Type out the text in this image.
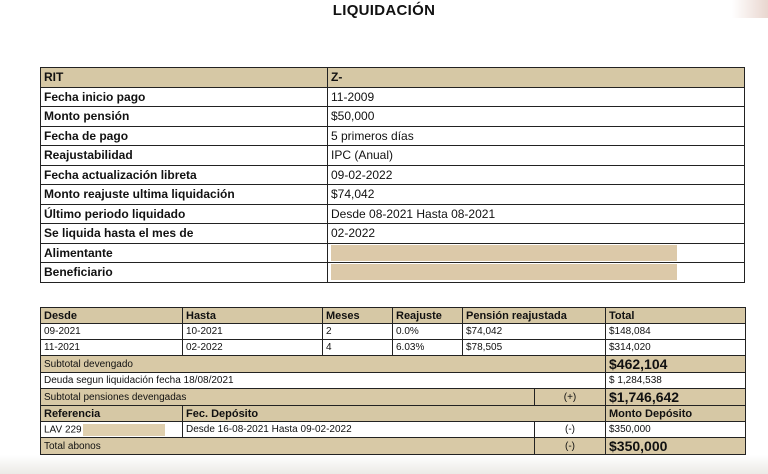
LIQUIDACIÓN
RIT	Z-
Fecha inicio pago	11-2009
Monto pensión	$50,000
Fecha de pago	5 primeros días
Reajustabilidad	IPC (Anual)
Fecha actualización libreta	09-02-2022
Monto reajuste ultima liquidación	$74,042
Último periodo liquidado	Desde 08-2021 Hasta 08-2021
Se liquida hasta el mes de	02-2022
Alimentante	
Beneficiario	
Desde	Hasta	Meses	Reajuste	Pensión reajustada		Total
09-2021	10-2021	2	0.0%	$74,042		$148,084
11-2021	02-2022	4	6.03%	$78,505		$314,020
Subtotal devengado						$462,104
Deuda segun liquidación fecha 18/08/2021						$ 1,284,538
Subtotal pensiones devengadas					(+)	$1,746,642
Referencia	Fec. Depósito					Monto Depósito
LAV 229	Desde 16-08-2021 Hasta 09-02-2022				(-)	$350,000
Total abonos					(-)	$350,000
